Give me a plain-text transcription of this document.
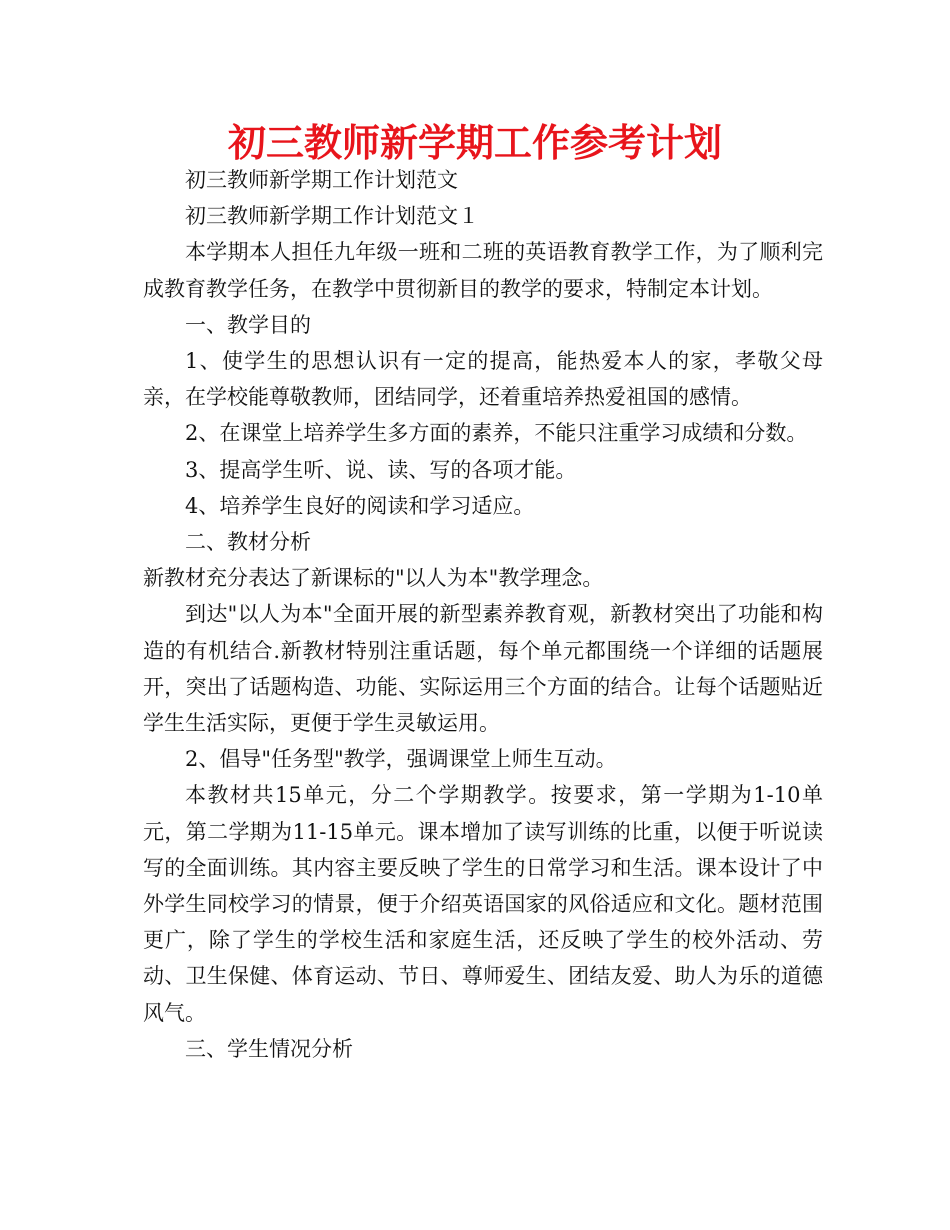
初三教师新学期工作参考计划

初三教师新学期工作计划范文

初三教师新学期工作计划范文１

本学期本人担任九年级一班和二班的英语教育教学工作，为了顺利完成教育教学任务，在教学中贯彻新目的教学的要求，特制定本计划。

一、教学目的

1、使学生的思想认识有一定的提高，能热爱本人的家，孝敬父母亲，在学校能尊敬教师，团结同学，还着重培养热爱祖国的感情。

2、在课堂上培养学生多方面的素养，不能只注重学习成绩和分数。

3、提高学生听、说、读、写的各项才能。

4、培养学生良好的阅读和学习适应。

二、教材分析

新教材充分表达了新课标的"以人为本"教学理念。

到达"以人为本"全面开展的新型素养教育观，新教材突出了功能和构造的有机结合.新教材特别注重话题，每个单元都围绕一个详细的话题展开，突出了话题构造、功能、实际运用三个方面的结合。让每个话题贴近学生生活实际，更便于学生灵敏运用。

2、倡导"任务型"教学，强调课堂上师生互动。

本教材共15单元，分二个学期教学。按要求，第一学期为1-10单元，第二学期为11-15单元。课本增加了读写训练的比重，以便于听说读写的全面训练。其内容主要反映了学生的日常学习和生活。课本设计了中外学生同校学习的情景，便于介绍英语国家的风俗适应和文化。题材范围更广，除了学生的学校生活和家庭生活，还反映了学生的校外活动、劳动、卫生保健、体育运动、节日、尊师爱生、团结友爱、助人为乐的道德风气。

三、学生情况分析
